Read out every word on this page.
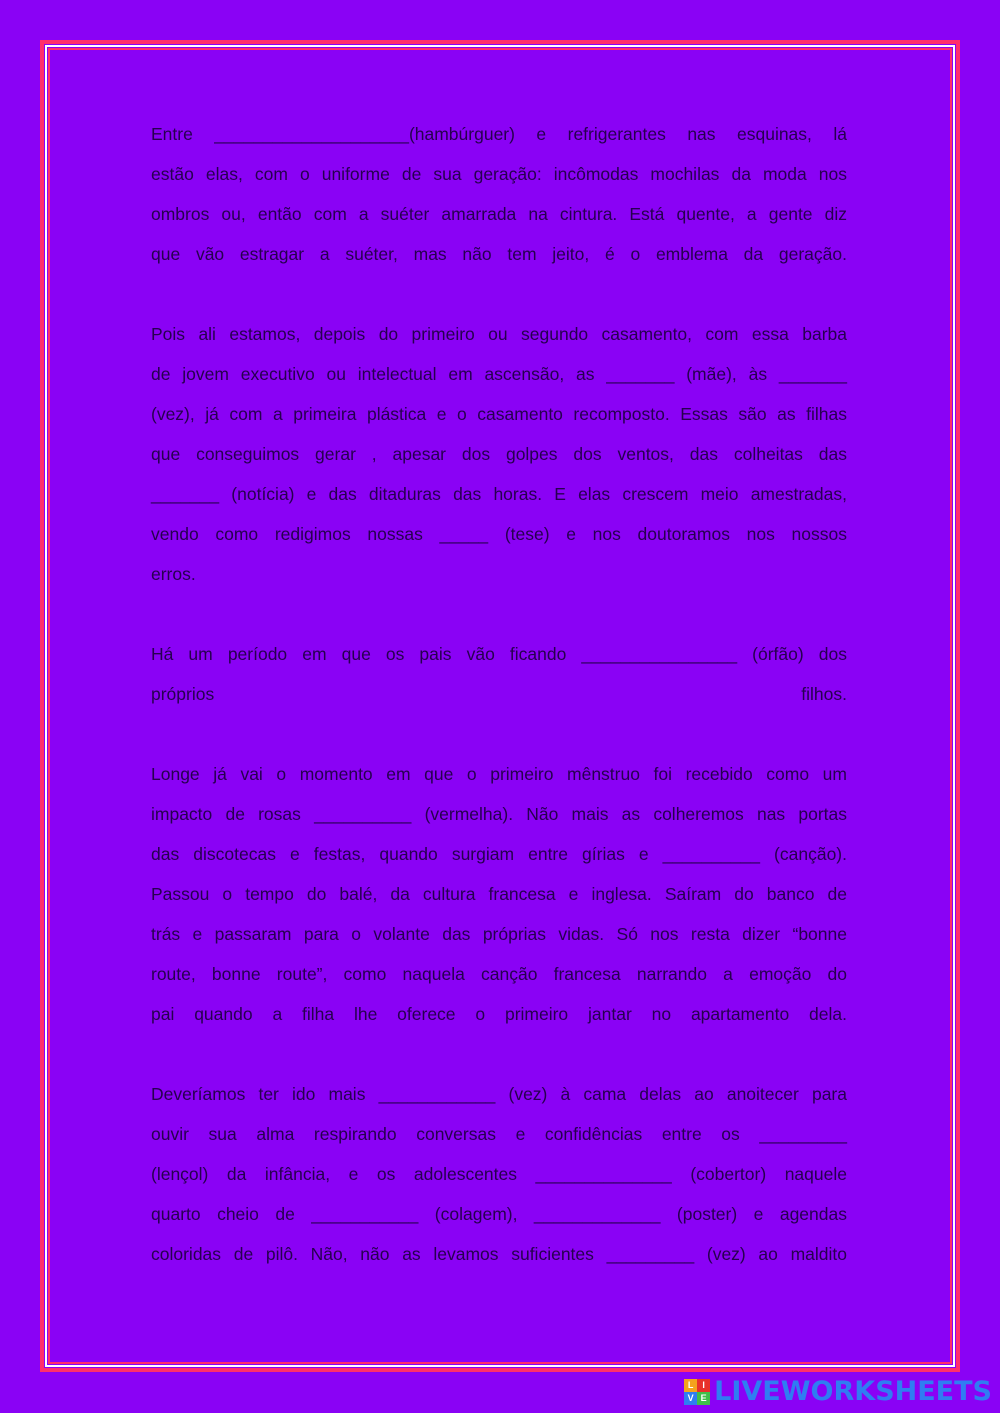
Entre ____________________(hambúrguer) e refrigerantes nas esquinas, lá
estão elas, com o uniforme de sua geração: incômodas mochilas da moda nos
ombros ou, então com a suéter amarrada na cintura. Está quente, a gente diz
que vão estragar a suéter, mas não tem jeito, é o emblema da geração.
Pois ali estamos, depois do primeiro ou segundo casamento, com essa barba
de jovem executivo ou intelectual em ascensão, as _______ (mãe), às _______
(vez), já com a primeira plástica e o casamento recomposto. Essas são as filhas
que conseguimos gerar , apesar dos golpes dos ventos, das colheitas das
_______ (notícia) e das ditaduras das horas. E elas crescem meio amestradas,
vendo como redigimos nossas _____ (tese) e nos doutoramos nos nossos
erros.
Há um período em que os pais vão ficando ________________ (órfão) dos
próprios filhos.
Longe já vai o momento em que o primeiro mênstruo foi recebido como um
impacto de rosas __________ (vermelha). Não mais as colheremos nas portas
das discotecas e festas, quando surgiam entre gírias e __________ (canção).
Passou o tempo do balé, da cultura francesa e inglesa. Saíram do banco de
trás e passaram para o volante das próprias vidas. Só nos resta dizer “bonne
route, bonne route”, como naquela canção francesa narrando a emoção do
pai quando a filha lhe oferece o primeiro jantar no apartamento dela.
Deveríamos ter ido mais ____________ (vez) à cama delas ao anoitecer para
ouvir sua alma respirando conversas e confidências entre os _________
(lençol) da infância, e os adolescentes ______________ (cobertor) naquele
quarto cheio de ___________ (colagem), _____________ (poster) e agendas
coloridas de pilô. Não, não as levamos suficientes _________ (vez) ao maldito
L I
V E LIVEWORKSHEETS
